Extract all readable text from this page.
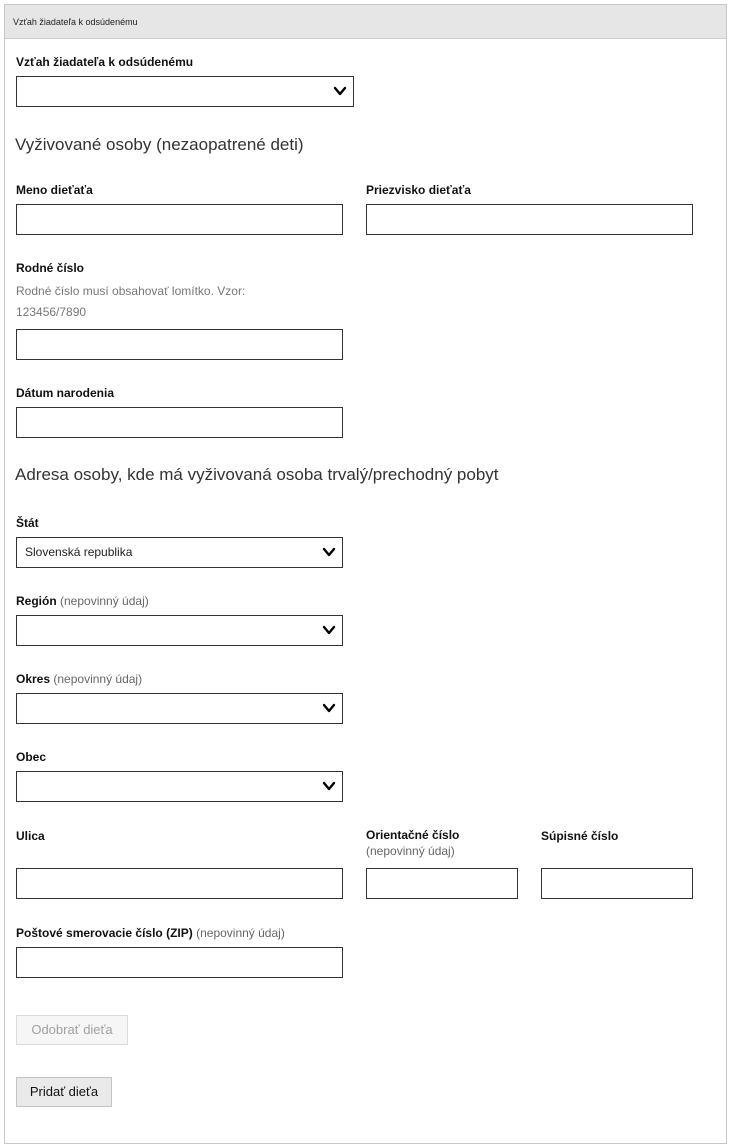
Vzťah žiadateľa k odsúdenému
Vzťah žiadateľa k odsúdenému
Vyživované osoby (nezaopatrené deti)
Meno dieťaťa	Priezvisko dieťaťa
Rodné číslo
Rodné číslo musí obsahovať lomítko. Vzor:
123456/7890
Dátum narodenia
Adresa osoby, kde má vyživovaná osoba trvalý/prechodný pobyt
Štát
Slovenská republika
Región (nepovinný údaj)
Okres (nepovinný údaj)
Obec
Ulica	Orientačné číslo
(nepovinný údaj)
Súpisné číslo
Poštové smerovacie číslo (ZIP) (nepovinný údaj)
Odobrať dieťa
Pridať dieťa
